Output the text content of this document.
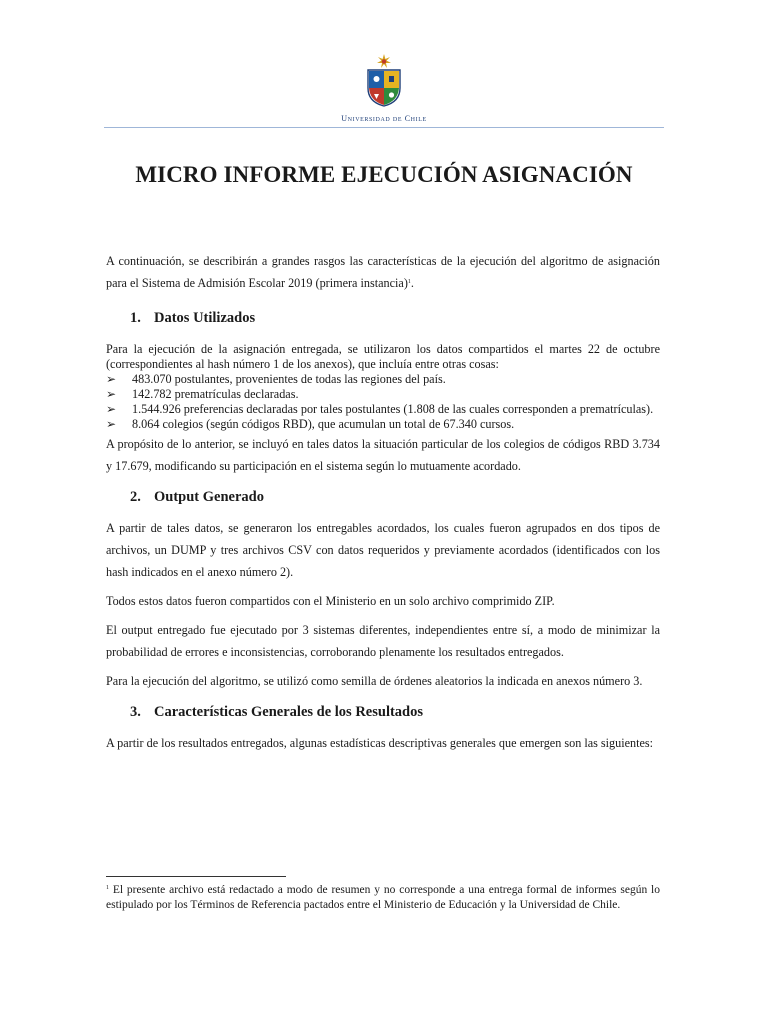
Universidad de Chile
MICRO INFORME EJECUCIÓN ASIGNACIÓN

A continuación, se describirán a grandes rasgos las características de la ejecución del algoritmo de asignación para el Sistema de Admisión Escolar 2019 (primera instancia)$^1$.

1. Datos Utilizados

Para la ejecución de la asignación entregada, se utilizaron los datos compartidos el martes 22 de octubre (correspondientes al hash número 1 de los anexos), que incluía entre otras cosas:

➢	483.070 postulantes, provenientes de todas las regiones del país.
➢	142.782 prematrículas declaradas.
➢	1.544.926 preferencias declaradas por tales postulantes (1.808 de las cuales corresponden a prematrículas).
➢	8.064 colegios (según códigos RBD), que acumulan un total de 67.340 cursos.

A propósito de lo anterior, se incluyó en tales datos la situación particular de los colegios de códigos RBD 3.734 y 17.679, modificando su participación en el sistema según lo mutuamente acordado.

2. Output Generado

A partir de tales datos, se generaron los entregables acordados, los cuales fueron agrupados en dos tipos de archivos, un DUMP y tres archivos CSV con datos requeridos y previamente acordados (identificados con los hash indicados en el anexo número 2).

Todos estos datos fueron compartidos con el Ministerio en un solo archivo comprimido ZIP.

El output entregado fue ejecutado por 3 sistemas diferentes, independientes entre sí, a modo de minimizar la probabilidad de errores e inconsistencias, corroborando plenamente los resultados entregados.

Para la ejecución del algoritmo, se utilizó como semilla de órdenes aleatorios la indicada en anexos número 3.

3. Características Generales de los Resultados

A partir de los resultados entregados, algunas estadísticas descriptivas generales que emergen son las siguientes:

$^1$ El presente archivo está redactado a modo de resumen y no corresponde a una entrega formal de informes según lo estipulado por los Términos de Referencia pactados entre el Ministerio de Educación y la Universidad de Chile.
